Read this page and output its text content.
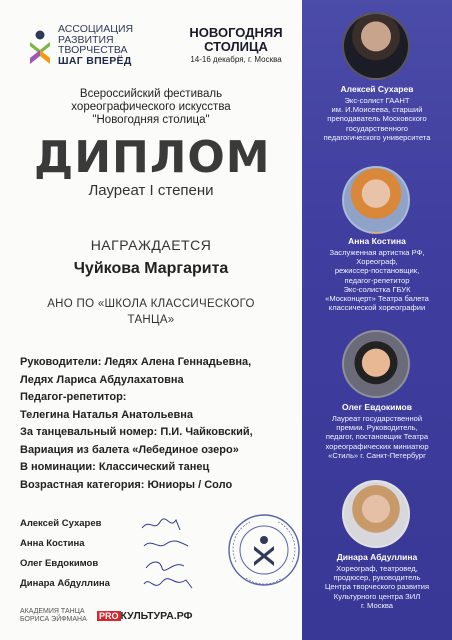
АССОЦИАЦИЯ
РАЗВИТИЯ
ТВОРЧЕСТВА
ШАГ ВПЕРЁД
НОВОГОДНЯЯ
СТОЛИЦА
14-16 декабря, г. Москва
Всероссийский фестиваль
хореографического искусства
"Новогодняя столица"
ДИПЛОМ
Лауреат I степени
НАГРАЖДАЕТСЯ
Чуйкова Маргарита
АНО ПО «ШКОЛА КЛАССИЧЕСКОГО
ТАНЦА»
Руководители: Ледях Алена Геннадьевна,
Ледях Лариса Абдулахатовна
Педагог-репетитор:
Телегина Наталья Анатольевна
За танцевальный номер: П.И. Чайковский,
Вариация из балета «Лебединое озеро»
В номинации: Классический танец
Возрастная категория: Юниоры / Соло
Алексей Сухарев
Анна Костина
Олег Евдокимов
Динара Абдуллина
АКАДЕМИЯ ТАНЦА
БОРИСА ЭЙФМАНА PRO КУЛЬТУРА.РФ
Алексей Сухарев
Экс-солист ГААНТ
им. И.Моисеева, старший
преподаватель Московского
государственного
педагогического университета
Анна Костина
Заслуженная артистка РФ,
Хореограф,
режиссер-постановщик,
педагог-репетитор
Экс-солистка ГБУК
«Москонцерт» Театра балета
классической хореографии
Олег Евдокимов
Лауреат государственной
премии. Руководитель,
педагог, постановщик Театра
хореографических миниатюр
«Стиль» г. Санкт-Петербург
Динара Абдуллина
Хореограф, театровед,
продюсер, руководитель
Центра творческого развития
Культурного центра ЗИЛ
г. Москва
